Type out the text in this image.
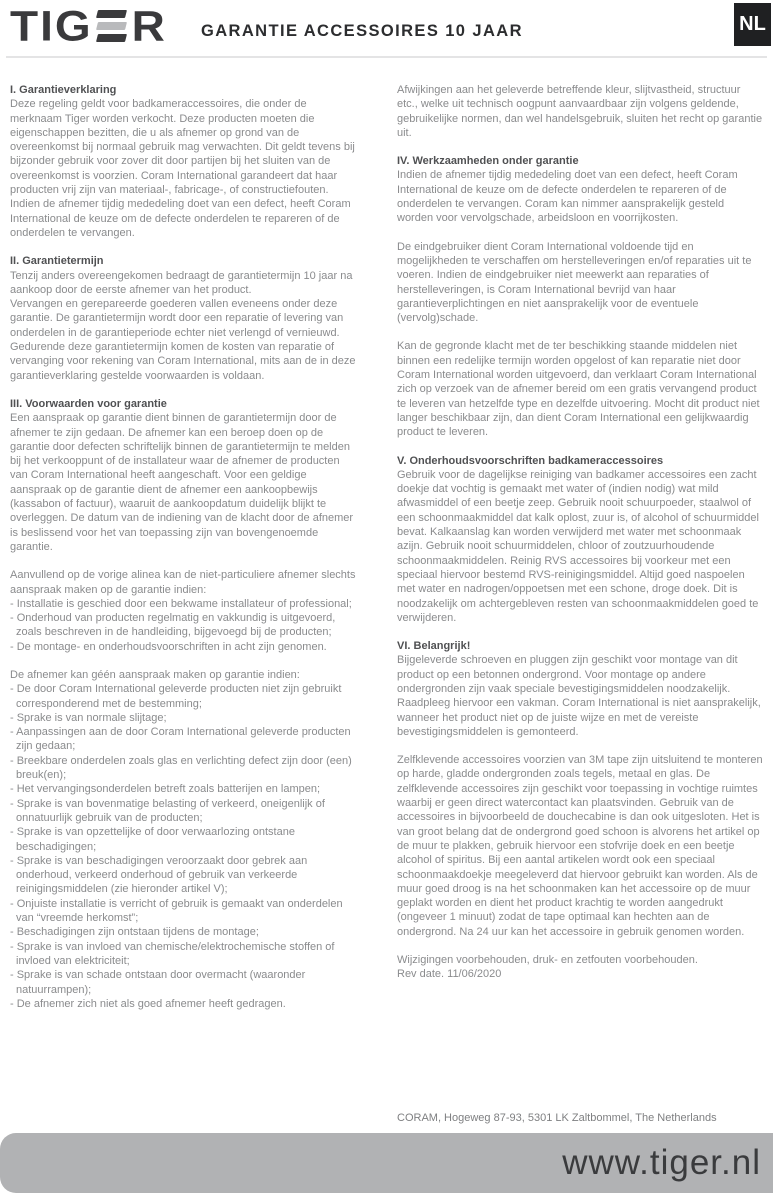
TIG R GARANTIE ACCESSOIRES 10 JAAR	NL
I. Garantieverklaring
Deze regeling geldt voor badkameraccessoires, die onder de merknaam Tiger worden verkocht. Deze producten moeten die eigenschappen bezitten, die u als afnemer op grond van de overeenkomst bij normaal gebruik mag verwachten. Dit geldt tevens bij bijzonder gebruik voor zover dit door partijen bij het sluiten van de overeenkomst is voorzien. Coram International garandeert dat haar producten vrij zijn van materiaal-, fabricage-, of constructiefouten. Indien de afnemer tijdig mededeling doet van een defect, heeft Coram International de keuze om de defecte onderdelen te repareren of de onderdelen te vervangen.
II. Garantietermijn
Tenzij anders overeengekomen bedraagt de garantietermijn 10 jaar na aankoop door de eerste afnemer van het product.
Vervangen en gerepareerde goederen vallen eveneens onder deze garantie. De garantietermijn wordt door een reparatie of levering van onderdelen in de garantieperiode echter niet verlengd of vernieuwd.
Gedurende deze garantietermijn komen de kosten van reparatie of vervanging voor rekening van Coram International, mits aan de in deze garantieverklaring gestelde voorwaarden is voldaan.
III. Voorwaarden voor garantie
Een aanspraak op garantie dient binnen de garantietermijn door de afnemer te zijn gedaan. De afnemer kan een beroep doen op de garantie door defecten schriftelijk binnen de garantietermijn te melden bij het verkooppunt of de installateur waar de afnemer de producten van Coram International heeft aangeschaft. Voor een geldige aanspraak op de garantie dient de afnemer een aankoopbewijs (kassabon of factuur), waaruit de aankoopdatum duidelijk blijkt te overleggen. De datum van de indiening van de klacht door de afnemer is beslissend voor het van toepassing zijn van bovengenoemde garantie.
Aanvullend op de vorige alinea kan de niet-particuliere afnemer slechts aanspraak maken op de garantie indien:
- Installatie is geschied door een bekwame installateur of professional;
- Onderhoud van producten regelmatig en vakkundig is uitgevoerd, zoals beschreven in de handleiding, bijgevoegd bij de producten;
- De montage- en onderhoudsvoorschriften in acht zijn genomen.
De afnemer kan géén aanspraak maken op garantie indien:
- De door Coram International geleverde producten niet zijn gebruikt corresponderend met de bestemming;
- Sprake is van normale slijtage;
- Aanpassingen aan de door Coram International geleverde producten zijn gedaan;
- Breekbare onderdelen zoals glas en verlichting defect zijn door (een) breuk(en);
- Het vervangingsonderdelen betreft zoals batterijen en lampen;
- Sprake is van bovenmatige belasting of verkeerd, oneigenlijk of onnatuurlijk gebruik van de producten;
- Sprake is van opzettelijke of door verwaarlozing ontstane beschadigingen;
- Sprake is van beschadigingen veroorzaakt door gebrek aan onderhoud, verkeerd onderhoud of gebruik van verkeerde reinigingsmiddelen (zie hieronder artikel V);
- Onjuiste installatie is verricht of gebruik is gemaakt van onderdelen van “vreemde herkomst”;
- Beschadigingen zijn ontstaan tijdens de montage;
- Sprake is van invloed van chemische/elektrochemische stoffen of invloed van elektriciteit;
- Sprake is van schade ontstaan door overmacht (waaronder natuurrampen);
- De afnemer zich niet als goed afnemer heeft gedragen.
Afwijkingen aan het geleverde betreffende kleur, slijtvastheid, structuur etc., welke uit technisch oogpunt aanvaardbaar zijn volgens geldende, gebruikelijke normen, dan wel handelsgebruik, sluiten het recht op garantie uit.
IV. Werkzaamheden onder garantie
Indien de afnemer tijdig mededeling doet van een defect, heeft Coram International de keuze om de defecte onderdelen te repareren of de onderdelen te vervangen. Coram kan nimmer aansprakelijk gesteld worden voor vervolgschade, arbeidsloon en voorrijkosten.
De eindgebruiker dient Coram International voldoende tijd en mogelijkheden te verschaffen om herstelleveringen en/of reparaties uit te voeren. Indien de eindgebruiker niet meewerkt aan reparaties of herstelleveringen, is Coram International bevrijd van haar garantieverplichtingen en niet aansprakelijk voor de eventuele (vervolg)schade.
Kan de gegronde klacht met de ter beschikking staande middelen niet binnen een redelijke termijn worden opgelost of kan reparatie niet door Coram International worden uitgevoerd, dan verklaart Coram International zich op verzoek van de afnemer bereid om een gratis vervangend product te leveren van hetzelfde type en dezelfde uitvoering. Mocht dit product niet langer beschikbaar zijn, dan dient Coram International een gelijkwaardig product te leveren.
V. Onderhoudsvoorschriften badkameraccessoires
Gebruik voor de dagelijkse reiniging van badkamer accessoires een zacht doekje dat vochtig is gemaakt met water of (indien nodig) wat mild afwasmiddel of een beetje zeep. Gebruik nooit schuurpoeder, staalwol of een schoonmaakmiddel dat kalk oplost, zuur is, of alcohol of schuurmiddel bevat. Kalkaanslag kan worden verwijderd met water met schoonmaak azijn. Gebruik nooit schuurmiddelen, chloor of zoutzuurhoudende schoonmaakmiddelen. Reinig RVS accessoires bij voorkeur met een speciaal hiervoor bestemd RVS-reinigingsmiddel. Altijd goed naspoelen met water en nadrogen/oppoetsen met een schone, droge doek. Dit is noodzakelijk om achtergebleven resten van schoonmaakmiddelen goed te verwijderen.
VI. Belangrijk!
Bijgeleverde schroeven en pluggen zijn geschikt voor montage van dit product op een betonnen ondergrond. Voor montage op andere ondergronden zijn vaak speciale bevestigingsmiddelen noodzakelijk. Raadpleeg hiervoor een vakman. Coram International is niet aansprakelijk, wanneer het product niet op de juiste wijze en met de vereiste bevestigingsmiddelen is gemonteerd.
Zelfklevende accessoires voorzien van 3M tape zijn uitsluitend te monteren op harde, gladde ondergronden zoals tegels, metaal en glas. De zelfklevende accessoires zijn geschikt voor toepassing in vochtige ruimtes waarbij er geen direct watercontact kan plaatsvinden. Gebruik van de accessoires in bijvoorbeeld de douchecabine is dan ook uitgesloten. Het is van groot belang dat de ondergrond goed schoon is alvorens het artikel op de muur te plakken, gebruik hiervoor een stofvrije doek en een beetje alcohol of spiritus. Bij een aantal artikelen wordt ook een speciaal schoonmaakdoekje meegeleverd dat hiervoor gebruikt kan worden. Als de muur goed droog is na het schoonmaken kan het accessoire op de muur geplakt worden en dient het product krachtig te worden aangedrukt (ongeveer 1 minuut) zodat de tape optimaal kan hechten aan de ondergrond. Na 24 uur kan het accessoire in gebruik genomen worden.
Wijzigingen voorbehouden, druk- en zetfouten voorbehouden.
Rev date. 11/06/2020
CORAM, Hogeweg 87-93, 5301 LK Zaltbommel, The Netherlands
www.tiger.nl
